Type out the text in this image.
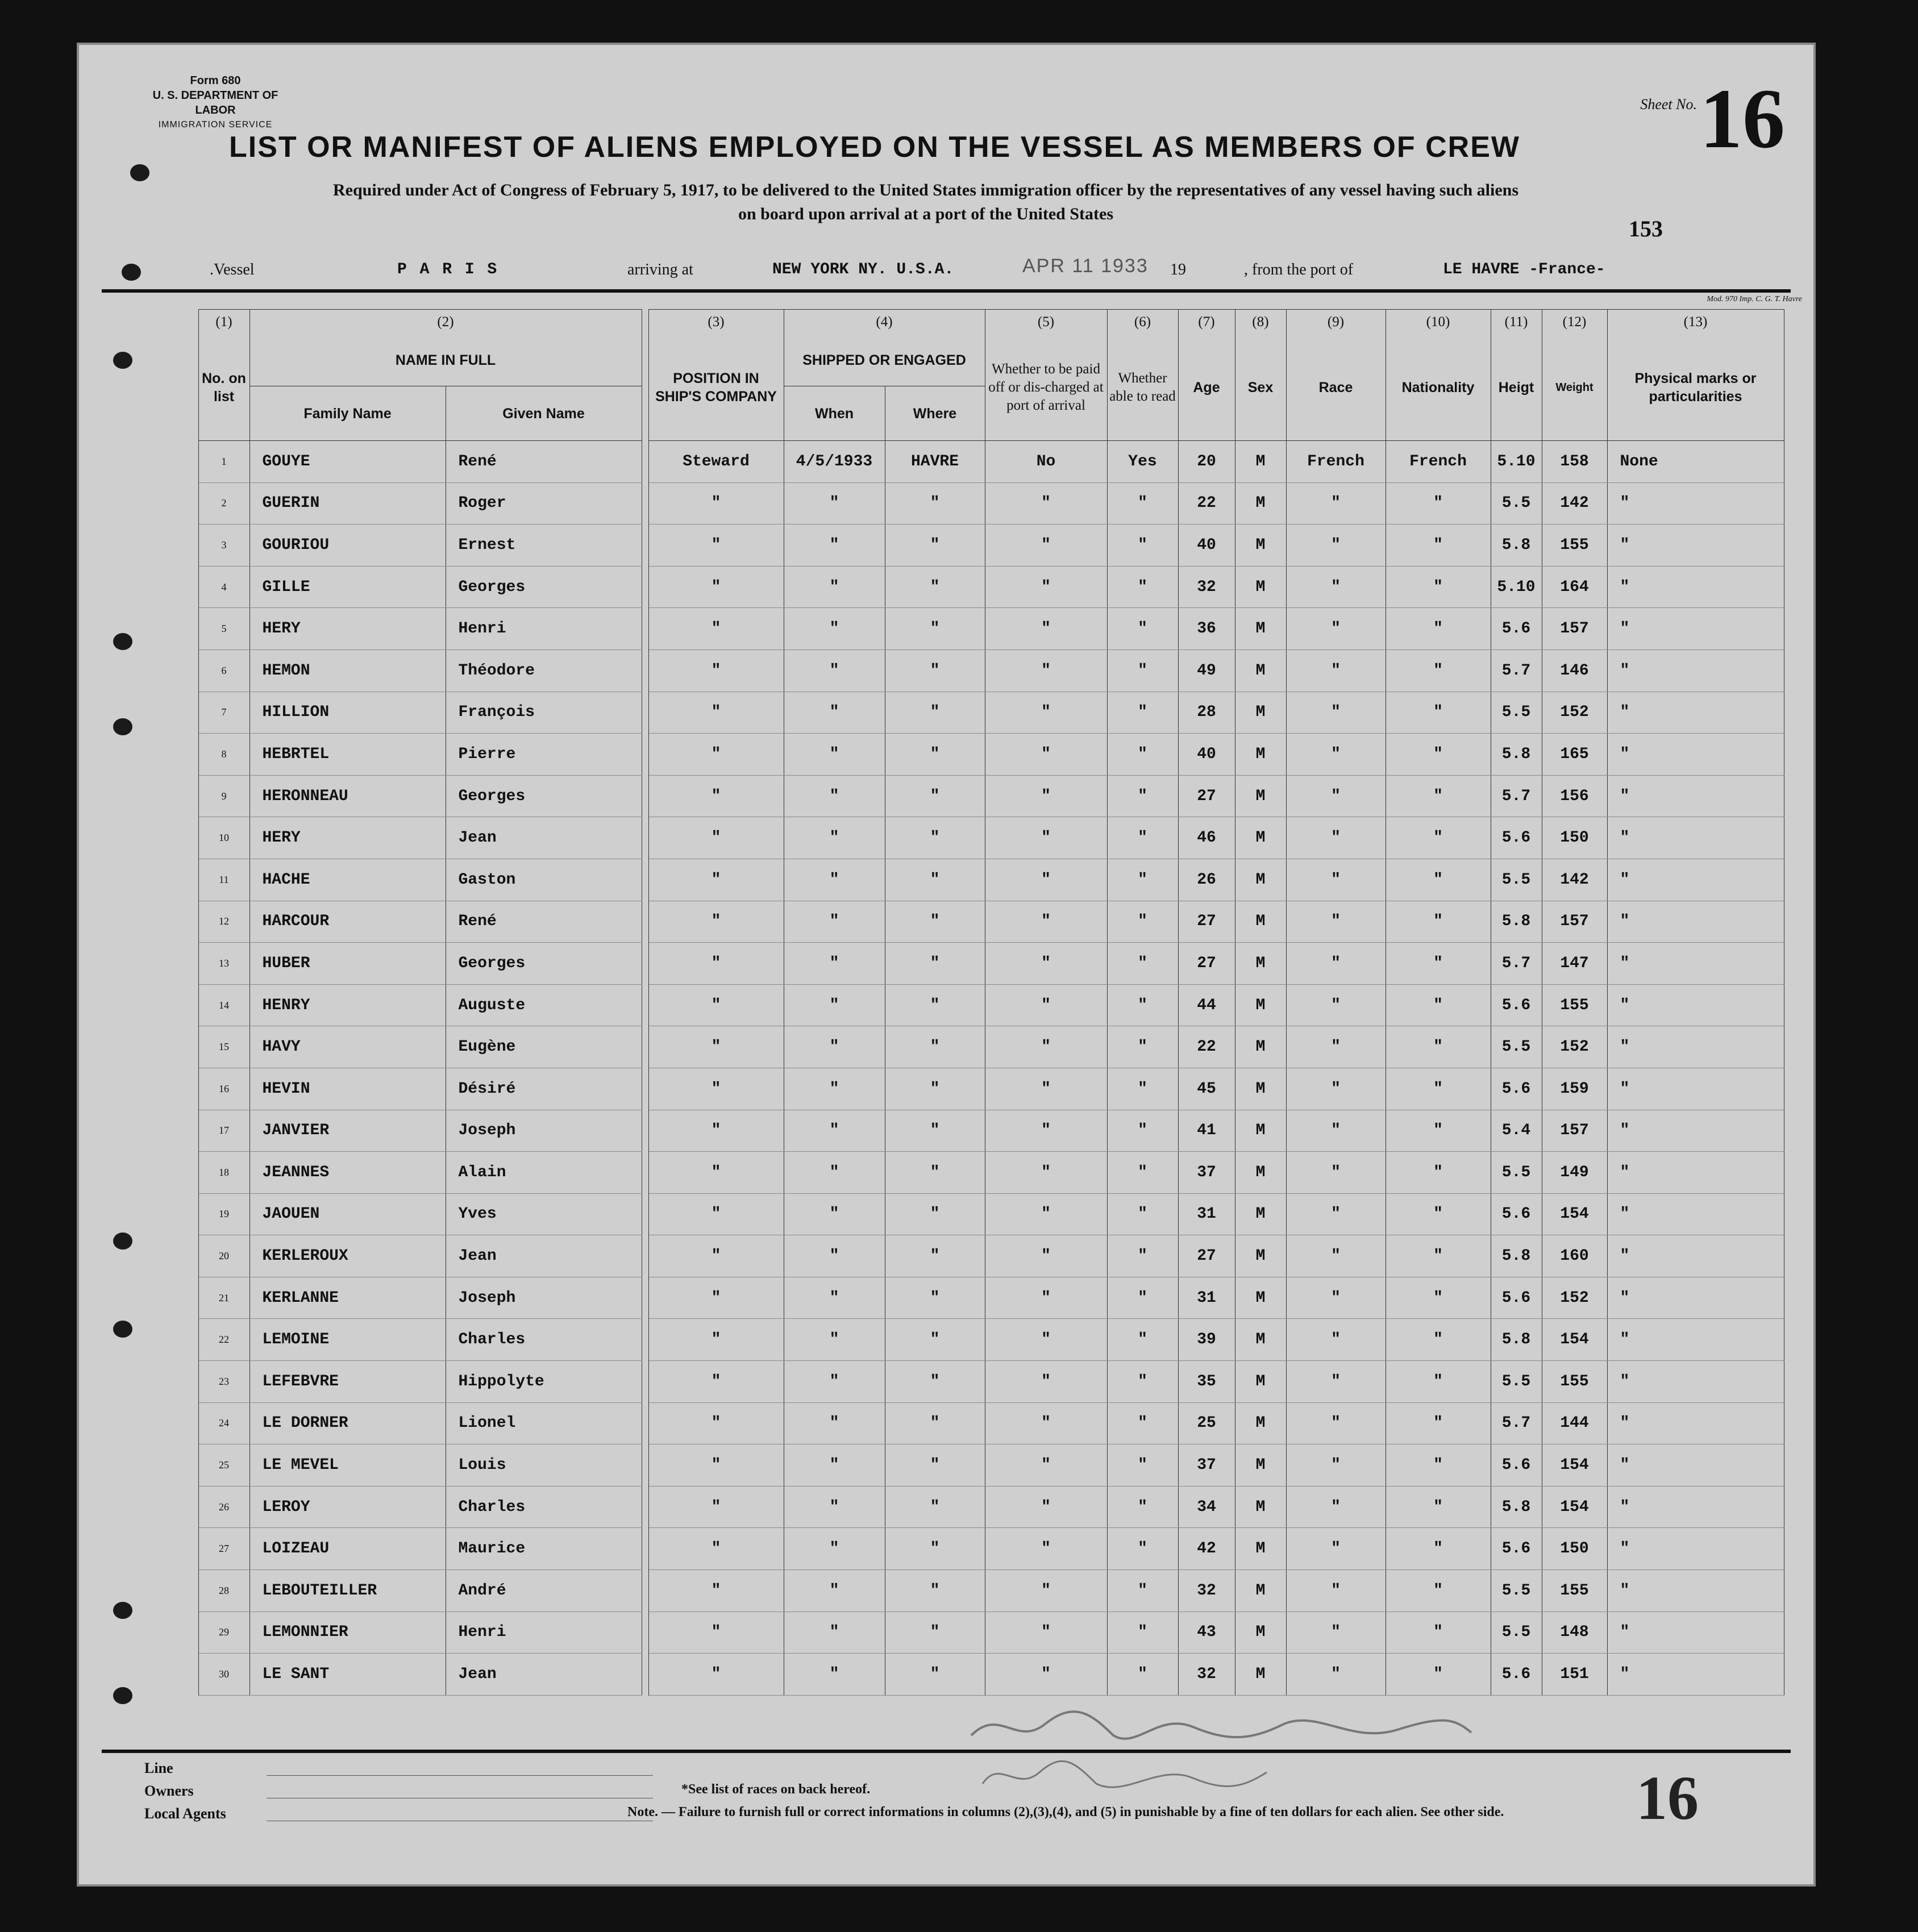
Form 680
U. S. DEPARTMENT OF LABOR
IMMIGRATION SERVICE
Sheet No. 16
LIST OR MANIFEST OF ALIENS EMPLOYED ON THE VESSEL AS MEMBERS OF CREW
Required under Act of Congress of February 5, 1917, to be delivered to the United States immigration officer by the representatives of any vessel having such aliens
on board upon arrival at a port of the United States
153
.Vessel	P A R I S	arriving at	NEW YORK NY. U.S.A.	APR 11 1933 19	, from the port of	LE HAVRE -France-
Mod. 970 Imp. C. G. T. Havre
	(1)	(2)			(3)	(4)		(5)	(6)	(7)	(8)	(9)	(10)	(11)	(12)	(13)
	No. on list	NAME IN FULL			POSITION IN SHIP'S COMPANY	SHIPPED OR ENGAGED		Whether to be paid off or dis-charged at port of arrival	Whether able to read	Age	Sex	Race	Nationality	Heigt	Weight	Physical marks or particularities
		Family Name	Given Name			When	Where									
	1	GOUYE	René		Steward	4/5/1933	HAVRE	No	Yes	20	M	French	French	5.10	158	None
	2	GUERIN	Roger		"	"	"	"	"	22	M	"	"	5.5	142	"
	3	GOURIOU	Ernest		"	"	"	"	"	40	M	"	"	5.8	155	"
	4	GILLE	Georges		"	"	"	"	"	32	M	"	"	5.10	164	"
	5	HERY	Henri		"	"	"	"	"	36	M	"	"	5.6	157	"
	6	HEMON	Théodore		"	"	"	"	"	49	M	"	"	5.7	146	"
	7	HILLION	François		"	"	"	"	"	28	M	"	"	5.5	152	"
	8	HEBRTEL	Pierre		"	"	"	"	"	40	M	"	"	5.8	165	"
	9	HERONNEAU	Georges		"	"	"	"	"	27	M	"	"	5.7	156	"
	10	HERY	Jean		"	"	"	"	"	46	M	"	"	5.6	150	"
	11	HACHE	Gaston		"	"	"	"	"	26	M	"	"	5.5	142	"
	12	HARCOUR	René		"	"	"	"	"	27	M	"	"	5.8	157	"
	13	HUBER	Georges		"	"	"	"	"	27	M	"	"	5.7	147	"
	14	HENRY	Auguste		"	"	"	"	"	44	M	"	"	5.6	155	"
	15	HAVY	Eugène		"	"	"	"	"	22	M	"	"	5.5	152	"
	16	HEVIN	Désiré		"	"	"	"	"	45	M	"	"	5.6	159	"
	17	JANVIER	Joseph		"	"	"	"	"	41	M	"	"	5.4	157	"
	18	JEANNES	Alain		"	"	"	"	"	37	M	"	"	5.5	149	"
	19	JAOUEN	Yves		"	"	"	"	"	31	M	"	"	5.6	154	"
	20	KERLEROUX	Jean		"	"	"	"	"	27	M	"	"	5.8	160	"
	21	KERLANNE	Joseph		"	"	"	"	"	31	M	"	"	5.6	152	"
	22	LEMOINE	Charles		"	"	"	"	"	39	M	"	"	5.8	154	"
	23	LEFEBVRE	Hippolyte		"	"	"	"	"	35	M	"	"	5.5	155	"
	24	LE DORNER	Lionel		"	"	"	"	"	25	M	"	"	5.7	144	"
	25	LE MEVEL	Louis		"	"	"	"	"	37	M	"	"	5.6	154	"
	26	LEROY	Charles		"	"	"	"	"	34	M	"	"	5.8	154	"
	27	LOIZEAU	Maurice		"	"	"	"	"	42	M	"	"	5.6	150	"
	28	LEBOUTEILLER	André		"	"	"	"	"	32	M	"	"	5.5	155	"
	29	LEMONNIER	Henri		"	"	"	"	"	43	M	"	"	5.5	148	"
	30	LE SANT	Jean		"	"	"	"	"	32	M	"	"	5.6	151	"
Line
Owners
Local Agents
*See list of races on back hereof.
Note. — Failure to furnish full or correct informations in columns (2),(3),(4), and (5) in punishable by a fine of ten dollars for each alien. See other side. 16
